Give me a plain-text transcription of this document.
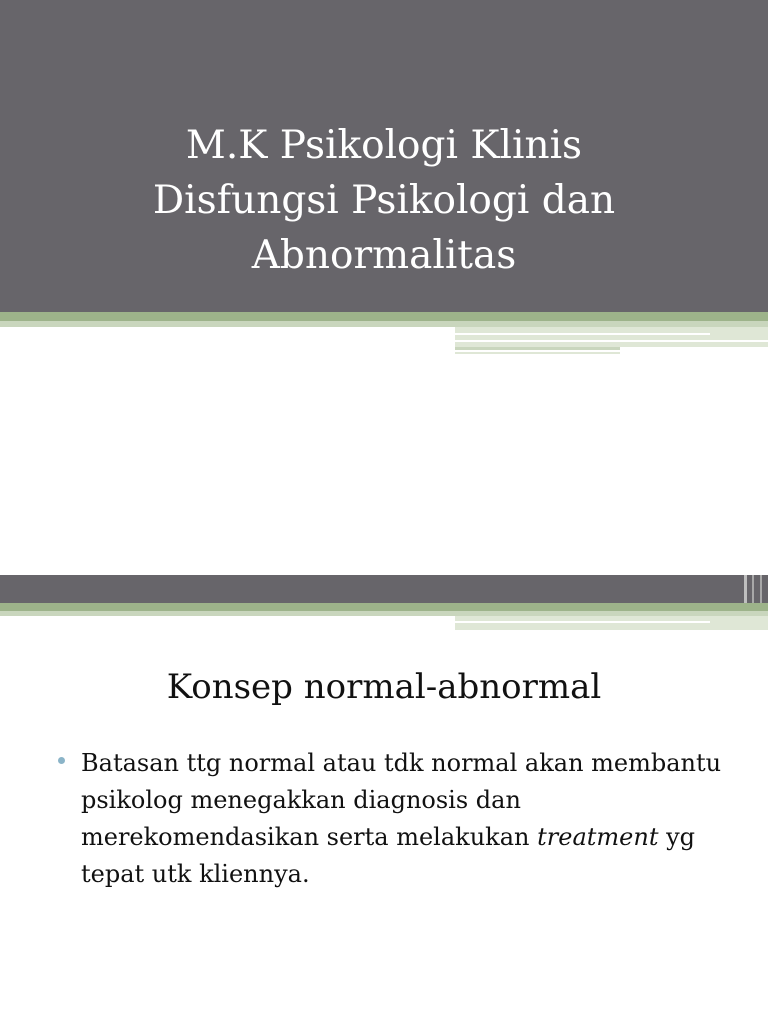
M.K Psikologi Klinis
Disfungsi Psikologi dan
Abnormalitas
Konsep normal-abnormal
Batasan ttg normal atau tdk normal akan membantu psikolog menegakkan diagnosis dan merekomendasikan serta melakukan treatment yg tepat utk kliennya.
